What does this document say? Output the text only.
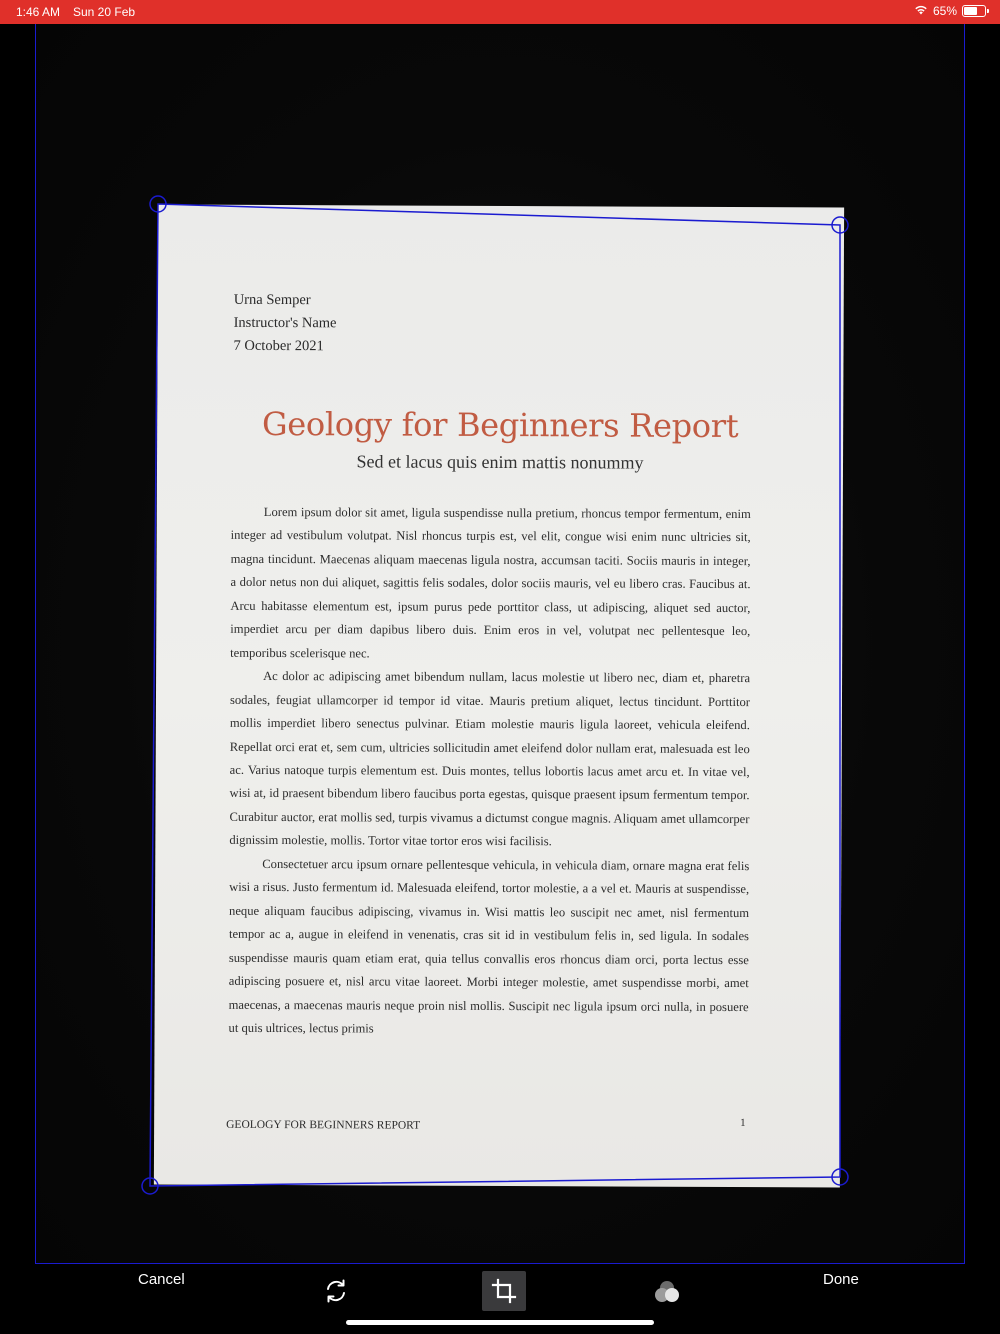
1:46 AM Sun 20 Feb	65%
Urna Semper
Instructor's Name
7 October 2021
Geology for Beginners Report
Sed et lacus quis enim mattis nonummy

Lorem ipsum dolor sit amet, ligula suspendisse nulla pretium, rhoncus tempor fermentum, enim integer ad vestibulum volutpat. Nisl rhoncus turpis est, vel elit, congue wisi enim nunc ultricies sit, magna tincidunt. Maecenas aliquam maecenas ligula nostra, accumsan taciti. Sociis mauris in integer, a dolor netus non dui aliquet, sagittis felis sodales, dolor sociis mauris, vel eu libero cras. Faucibus at. Arcu habitasse elementum est, ipsum purus pede porttitor class, ut adipiscing, aliquet sed auctor, imperdiet arcu per diam dapibus libero duis. Enim eros in vel, volutpat nec pellentesque leo, temporibus scelerisque nec.

Ac dolor ac adipiscing amet bibendum nullam, lacus molestie ut libero nec, diam et, pharetra sodales, feugiat ullamcorper id tempor id vitae. Mauris pretium aliquet, lectus tincidunt. Porttitor mollis imperdiet libero senectus pulvinar. Etiam molestie mauris ligula laoreet, vehicula eleifend. Repellat orci erat et, sem cum, ultricies sollicitudin amet eleifend dolor nullam erat, malesuada est leo ac. Varius natoque turpis elementum est. Duis montes, tellus lobortis lacus amet arcu et. In vitae vel, wisi at, id praesent bibendum libero faucibus porta egestas, quisque praesent ipsum fermentum tempor. Curabitur auctor, erat mollis sed, turpis vivamus a dictumst congue magnis. Aliquam amet ullamcorper dignissim molestie, mollis. Tortor vitae tortor eros wisi facilisis.

Consectetuer arcu ipsum ornare pellentesque vehicula, in vehicula diam, ornare magna erat felis wisi a risus. Justo fermentum id. Malesuada eleifend, tortor molestie, a a vel et. Mauris at suspendisse, neque aliquam faucibus adipiscing, vivamus in. Wisi mattis leo suscipit nec amet, nisl fermentum tempor ac a, augue in eleifend in venenatis, cras sit id in vestibulum felis in, sed ligula. In sodales suspendisse mauris quam etiam erat, quia tellus convallis eros rhoncus diam orci, porta lectus esse adipiscing posuere et, nisl arcu vitae laoreet. Morbi integer molestie, amet suspendisse morbi, amet maecenas, a maecenas mauris neque proin nisl mollis. Suscipit nec ligula ipsum orci nulla, in posuere ut quis ultrices, lectus primis

GEOLOGY FOR BEGINNERS REPORT	1
Cancel	Done
